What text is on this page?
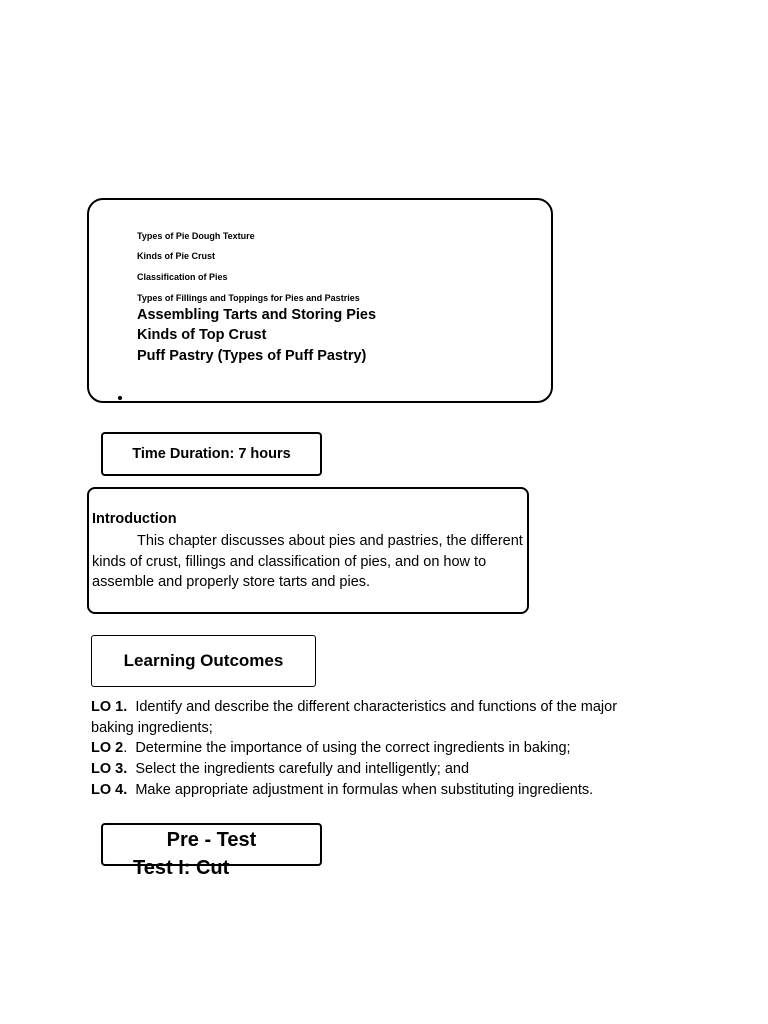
Types of Pie Dough Texture
Kinds of Pie Crust
Classification of Pies
Types of Fillings and Toppings for Pies and Pastries
Assembling Tarts and Storing Pies
Kinds of Top Crust
Puff Pastry (Types of Puff Pastry)
Time Duration: 7 hours
Introduction

This chapter discusses about pies and pastries, the different kinds of crust, fillings and classification of pies, and on how to assemble and properly store tarts and pies.

Learning Outcomes

LO 1. Identify and describe the different characteristics and functions of the major baking ingredients;

LO 2.  Determine the importance of using the correct ingredients in baking;

LO 3. Select the ingredients carefully and intelligently; and

LO 4. Make appropriate adjustment in formulas when substituting ingredients.

Pre - Test
Test I: Cut
